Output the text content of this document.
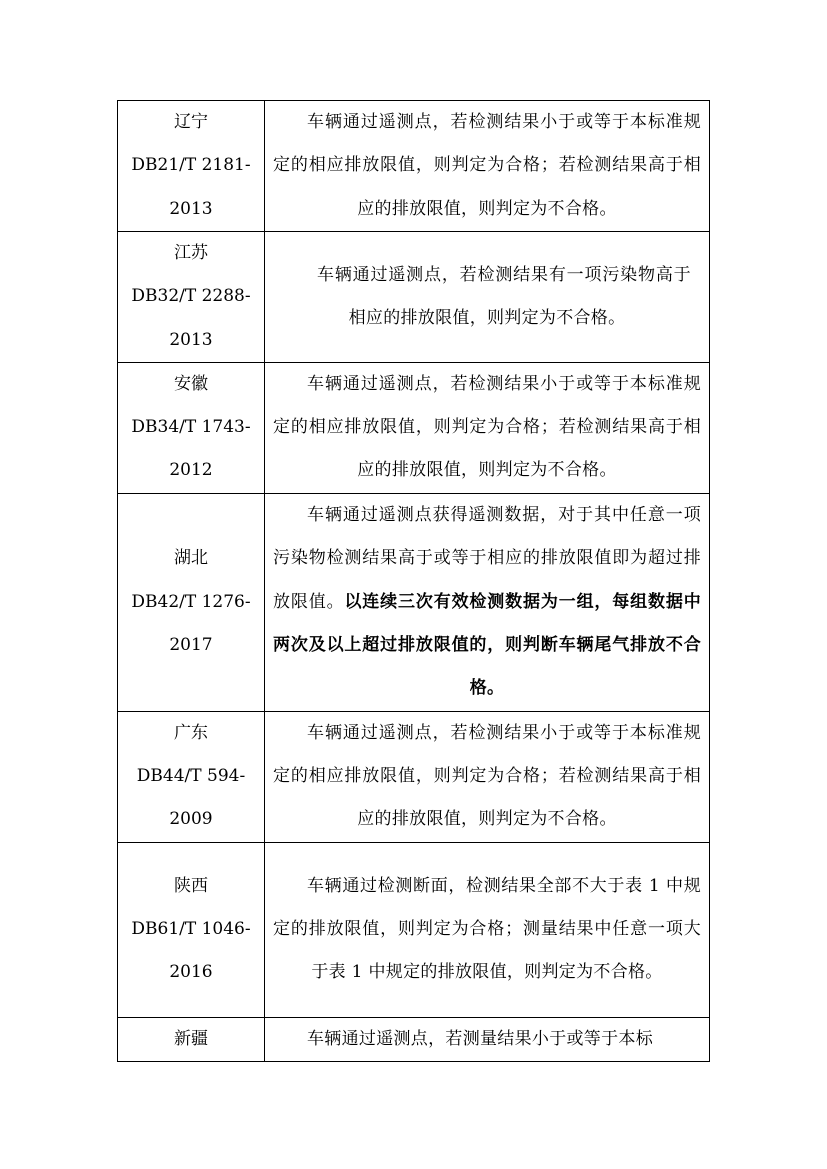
辽宁
DB21/T 2181-
2013	车辆通过遥测点，若检测结果小于或等于本标准规定的相应排放限值，则判定为合格；若检测结果高于相应的排放限值，则判定为不合格。

江苏
DB32/T 2288-
2013	车辆通过遥测点，若检测结果有一项污染物高于相应的排放限值，则判定为不合格。

安徽
DB34/T 1743-
2012	车辆通过遥测点，若检测结果小于或等于本标准规定的相应排放限值，则判定为合格；若检测结果高于相应的排放限值，则判定为不合格。

湖北
DB42/T 1276-
2017	车辆通过遥测点获得遥测数据，对于其中任意一项污染物检测结果高于或等于相应的排放限值即为超过排放限值。以连续三次有效检测数据为一组，每组数据中两次及以上超过排放限值的，则判断车辆尾气排放不合格。

广东
DB44/T 594-
2009	车辆通过遥测点，若检测结果小于或等于本标准规定的相应排放限值，则判定为合格；若检测结果高于相应的排放限值，则判定为不合格。

陕西
DB61/T 1046-
2016	车辆通过检测断面，检测结果全部不大于表 1 中规定的排放限值，则判定为合格；测量结果中任意一项大于表 1 中规定的排放限值，则判定为不合格。

新疆	车辆通过遥测点，若测量结果小于或等于本标
